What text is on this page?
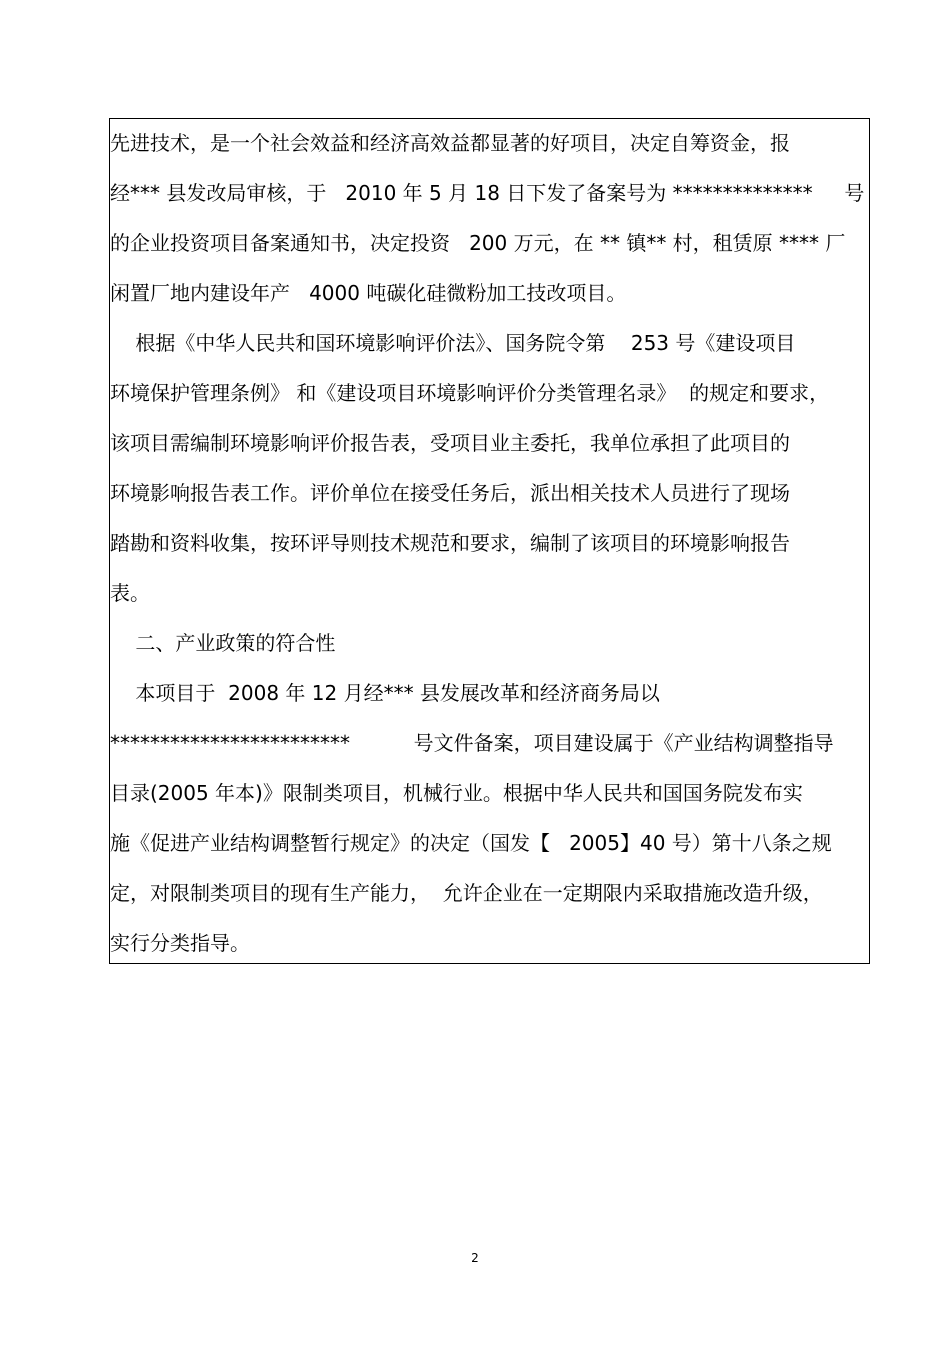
先进技术，是一个社会效益和经济高效益都显著的好项目，决定自筹资金，报
经*** 县发改局审核，于   2010 年 5 月 18 日下发了备案号为 **************     号
的企业投资项目备案通知书，决定投资   200 万元，在 ** 镇** 村，租赁原 **** 厂
闲置厂地内建设年产   4000 吨碳化硅微粉加工技改项目。
根据《中华人民共和国环境影响评价法》、国务院令第    253 号《建设项目
环境保护管理条例》 和《建设项目环境影响评价分类管理名录》  的规定和要求，
该项目需编制环境影响评价报告表，受项目业主委托，我单位承担了此项目的
环境影响报告表工作。评价单位在接受任务后，派出相关技术人员进行了现场
踏勘和资料收集，按环评导则技术规范和要求，编制了该项目的环境影响报告
表。
二、产业政策的符合性
本项目于  2008 年 12 月经*** 县发展改革和经济商务局以
************************          号文件备案，项目建设属于《产业结构调整指导
目录(2005 年本)》限制类项目，机械行业。根据中华人民共和国国务院发布实
施《促进产业结构调整暂行规定》的决定（国发【   2005】40 号）第十八条之规
定，对限制类项目的现有生产能力，  允许企业在一定期限内采取措施改造升级，
实行分类指导。
2
